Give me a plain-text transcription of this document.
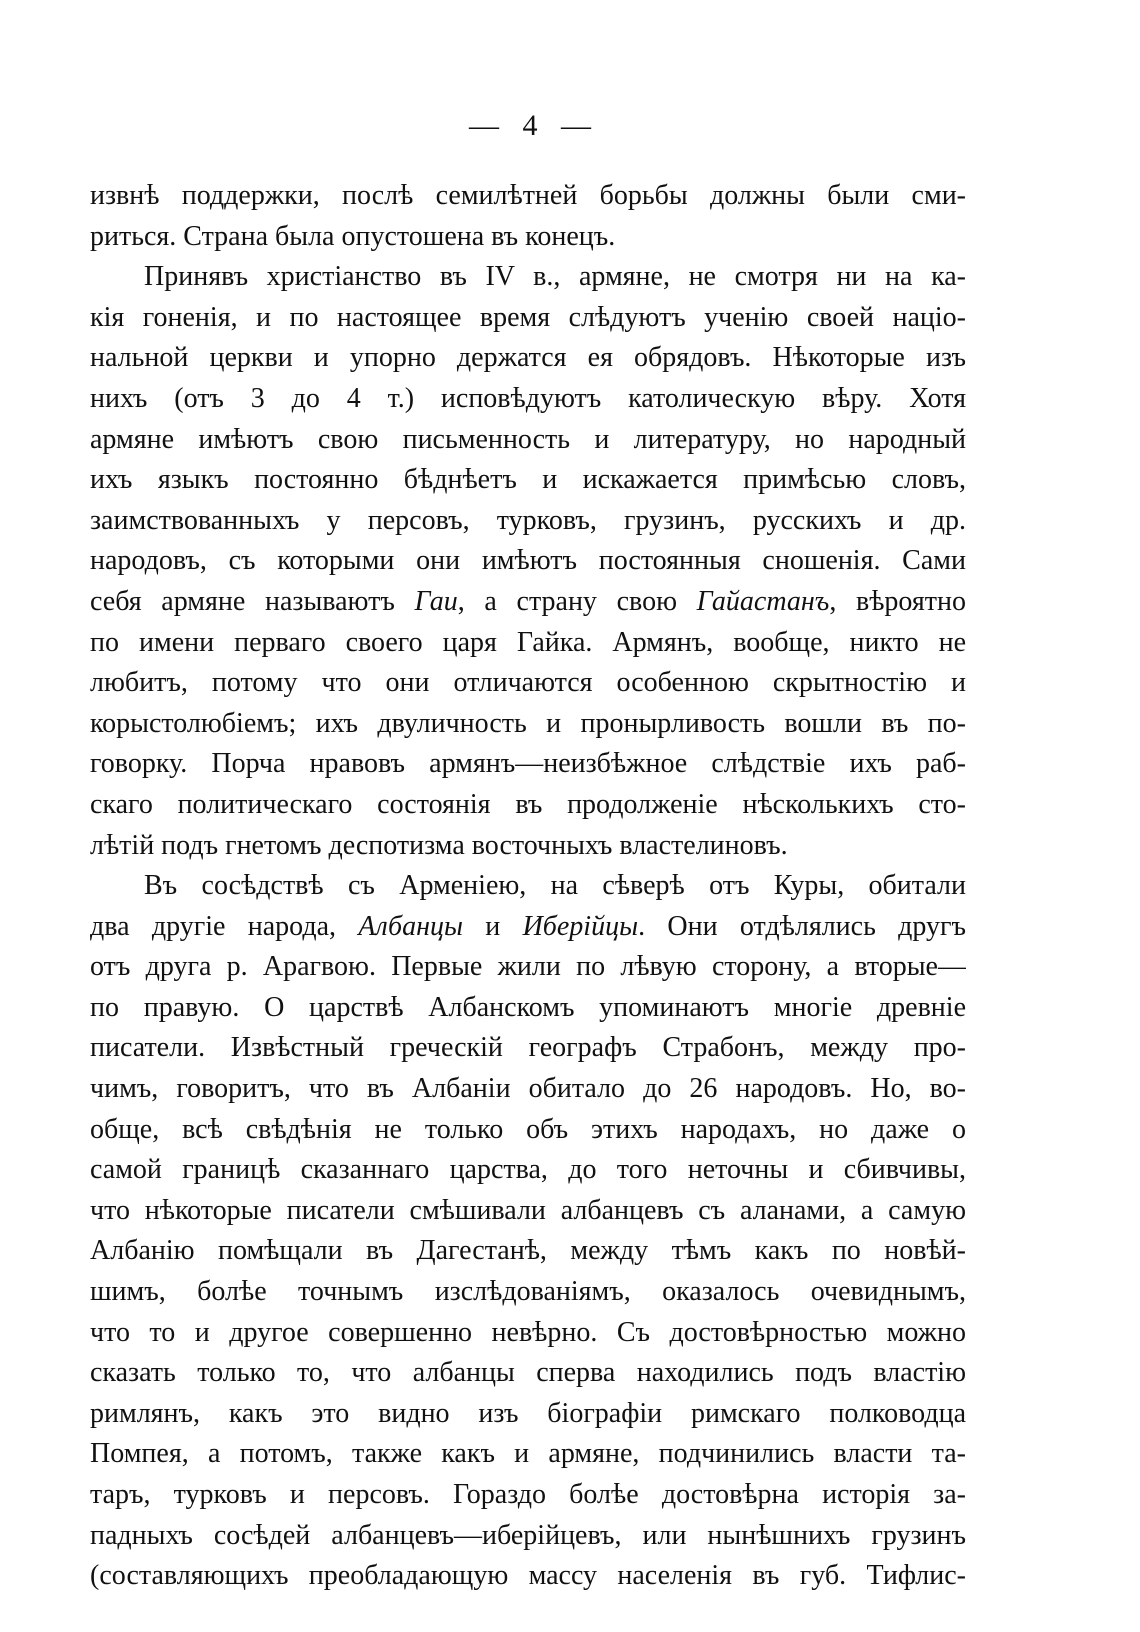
— 4 —
извнѣ поддержки, послѣ семилѣтней борьбы должны были сми-
риться. Страна была опустошена въ конецъ.
Принявъ христіанство въ IV в., армяне, не смотря ни на ка-
кія гоненія, и по настоящее время слѣдуютъ ученію своей націо-
нальной церкви и упорно держатся ея обрядовъ. Нѣкоторые изъ
нихъ (отъ 3 до 4 т.) исповѣдуютъ католическую вѣру. Хотя
армяне имѣютъ свою письменность и литературу, но народный
ихъ языкъ постоянно бѣднѣетъ и искажается примѣсью словъ,
заимствованныхъ у персовъ, турковъ, грузинъ, русскихъ и др.
народовъ, съ которыми они имѣютъ постоянныя сношенія. Сами
себя армяне называютъ Гаи, а страну свою Гайастанъ, вѣроятно
по имени перваго своего царя Гайка. Армянъ, вообще, никто не
любитъ, потому что они отличаются особенною скрытностію и
корыстолюбіемъ; ихъ двуличность и пронырливость вошли въ по-
говорку. Порча нравовъ армянъ—неизбѣжное слѣдствіе ихъ раб-
скаго политическаго состоянія въ продолженіе нѣсколькихъ сто-
лѣтій подъ гнетомъ деспотизма восточныхъ властелиновъ.
Въ сосѣдствѣ съ Арменіею, на сѣверѣ отъ Куры, обитали
два другіе народа, Албанцы и Иберійцы. Они отдѣлялись другъ
отъ друга р. Арагвою. Первые жили по лѣвую сторону, а вторые—
по правую. О царствѣ Албанскомъ упоминаютъ многіе древніе
писатели. Извѣстный греческій географъ Страбонъ, между про-
чимъ, говоритъ, что въ Албаніи обитало до 26 народовъ. Но, во-
обще, всѣ свѣдѣнія не только объ этихъ народахъ, но даже о
самой границѣ сказаннаго царства, до того неточны и сбивчивы,
что нѣкоторые писатели смѣшивали албанцевъ съ аланами, а самую
Албанію помѣщали въ Дагестанѣ, между тѣмъ какъ по новѣй-
шимъ, болѣе точнымъ изслѣдованіямъ, оказалось очевиднымъ,
что то и другое совершенно невѣрно. Съ достовѣрностью можно
сказать только то, что албанцы сперва находились подъ властію
римлянъ, какъ это видно изъ біографіи римскаго полководца
Помпея, а потомъ, также какъ и армяне, подчинились власти та-
таръ, турковъ и персовъ. Гораздо болѣе достовѣрна исторія за-
падныхъ сосѣдей албанцевъ—иберійцевъ, или нынѣшнихъ грузинъ
(составляющихъ преобладающую массу населенія въ губ. Тифлис-
